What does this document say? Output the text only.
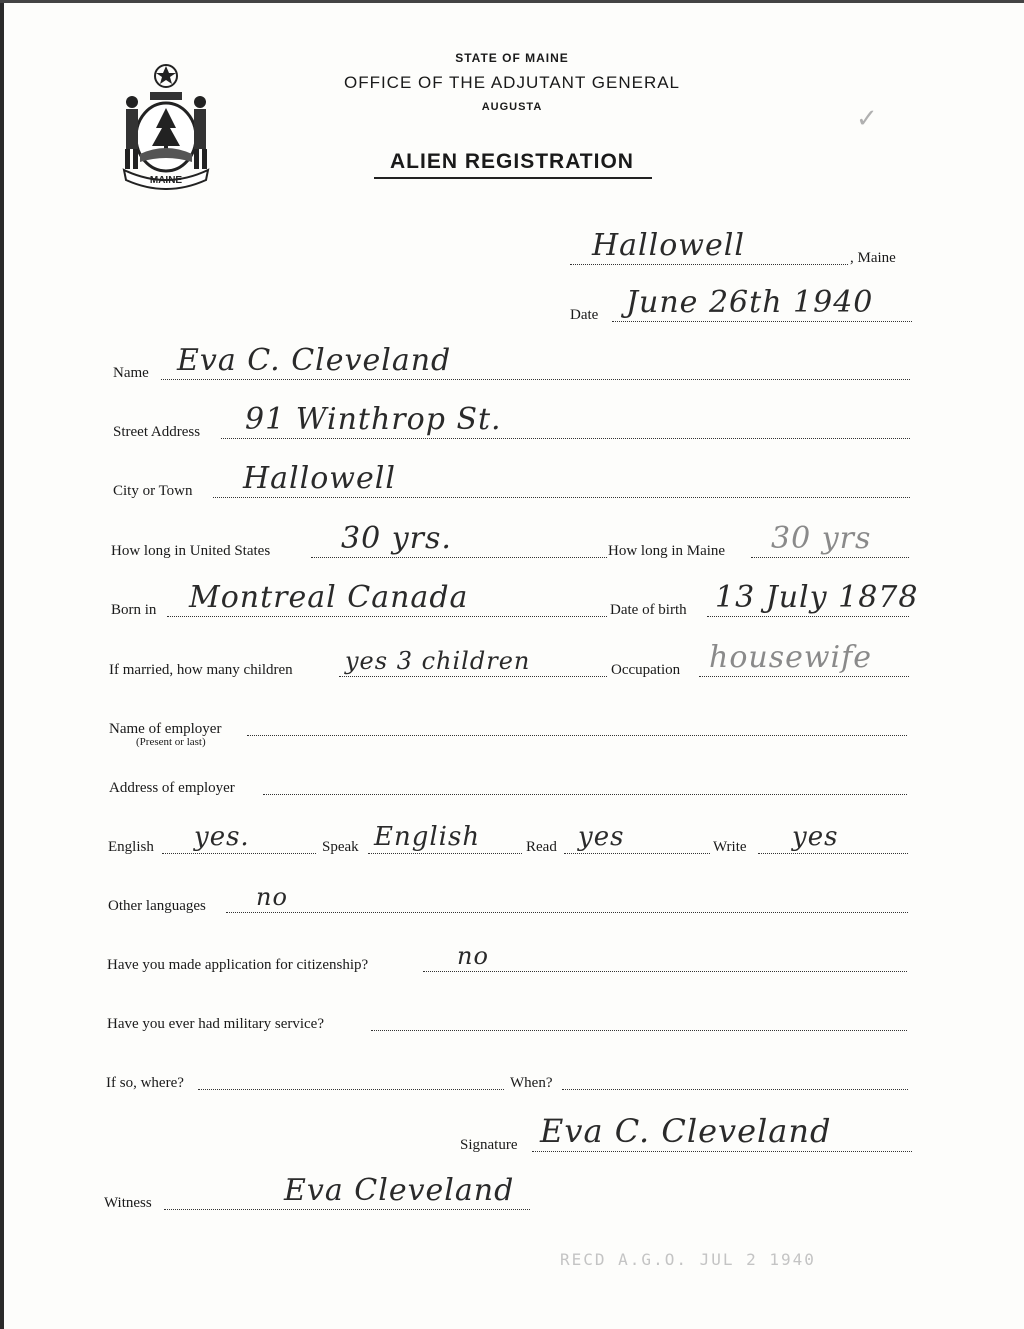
MAINE
STATE OF MAINE
OFFICE OF THE ADJUTANT GENERAL
AUGUSTA
ALIEN REGISTRATION
✓
Hallowell	, Maine
Date June 26th 1940
Name Eva C. Cleveland
Street Address 91 Winthrop St.
City or Town Hallowell
How long in United States 30 yrs.	How long in Maine 30 yrs
Born in Montreal Canada	Date of birth 13 July 1878
If married, how many children yes 3 children	Occupation housewife
Name of employer
(Present or last)
Address of employer
English yes.	Speak English	Read yes	Write yes
Other languages no
Have you made application for citizenship?	no
Have you ever had military service?
If so, where?	When?
Signature Eva C. Cleveland
Witness	Eva Cleveland
RECD A.G.O. JUL 2 1940
